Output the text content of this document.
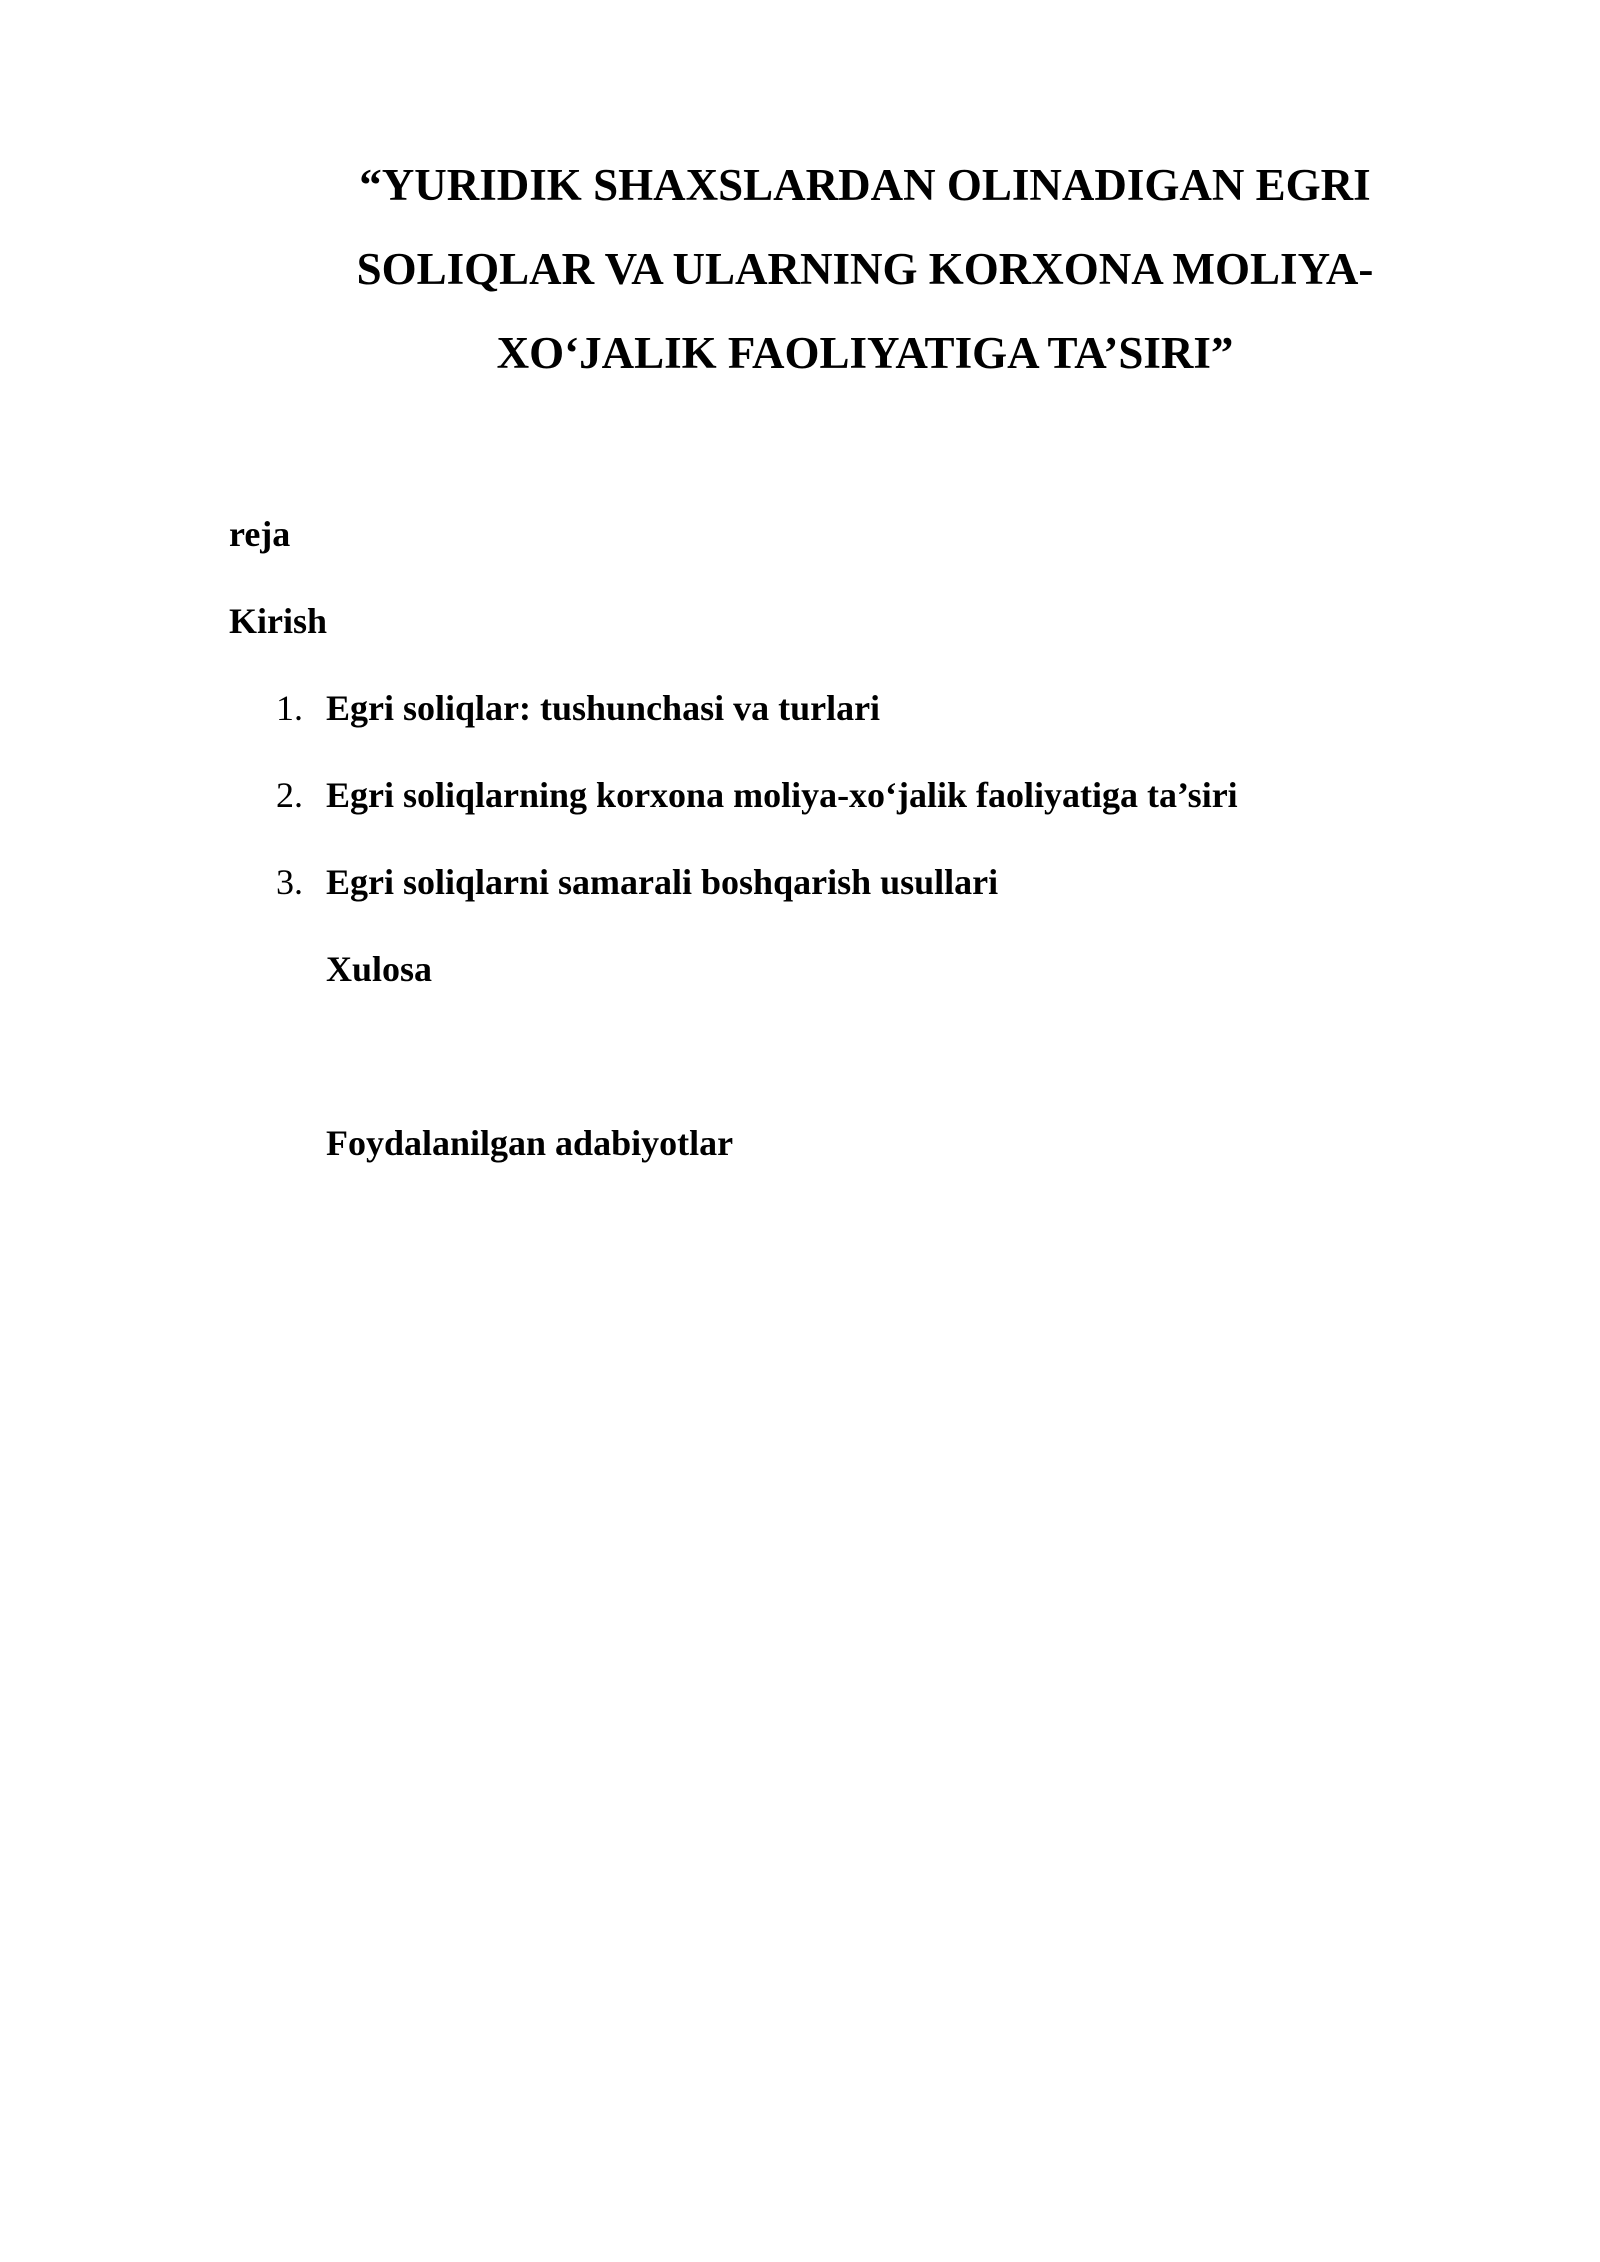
“YURIDIK SHAXSLARDAN OLINADIGAN EGRI
SOLIQLAR VA ULARNING KORXONA MOLIYA-
XO‘JALIK FAOLIYATIGA TA’SIRI”
reja
Kirish
1. Egri soliqlar: tushunchasi va turlari
2. Egri soliqlarning korxona moliya-xo‘jalik faoliyatiga ta’siri
3. Egri soliqlarni samarali boshqarish usullari
Xulosa
Foydalanilgan adabiyotlar
